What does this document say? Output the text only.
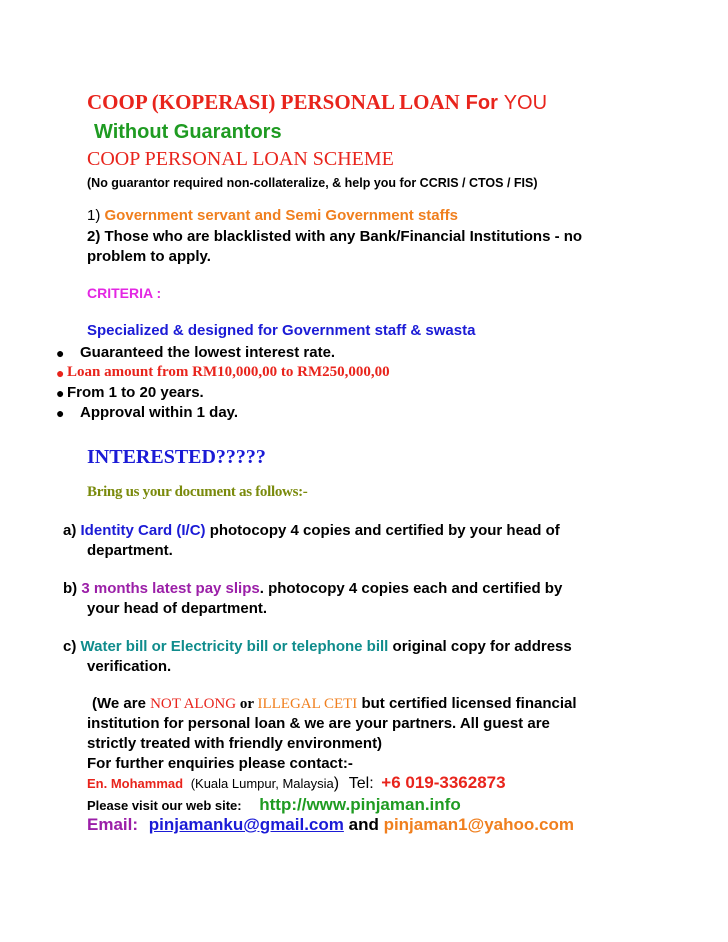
COOP (KOPERASI) PERSONAL LOAN For YOU
Without Guarantors
COOP PERSONAL LOAN SCHEME
(No guarantor required non-collateralize, & help you for CCRIS / CTOS / FIS)
1) Government servant and Semi Government staffs
2) Those who are blacklisted with any Bank/Financial Institutions - no
problem to apply.
CRITERIA :
Specialized & designed for Government staff & swasta
● Guaranteed the lowest interest rate.
● Loan amount from RM10,000,00 to RM250,000,00
● From 1 to 20 years.
● Approval within 1 day.
INTERESTED?????
Bring us your document as follows:-
a) Identity Card (I/C) photocopy 4 copies and certified by your head of
department.
b) 3 months latest pay slips. photocopy 4 copies each and certified by
your head of department.
c) Water bill or Electricity bill or telephone bill original copy for address
verification.
(We are NOT ALONG or ILLEGAL CETI but certified licensed financial
institution for personal loan & we are your partners. All guest are
strictly treated with friendly environment)
For further enquiries please contact:-
En. Mohammad (Kuala Lumpur, Malaysia) Tel: +6 019-3362873
Please visit our web site: http://www.pinjaman.info
Email: pinjamanku@gmail.com and pinjaman1@yahoo.com
